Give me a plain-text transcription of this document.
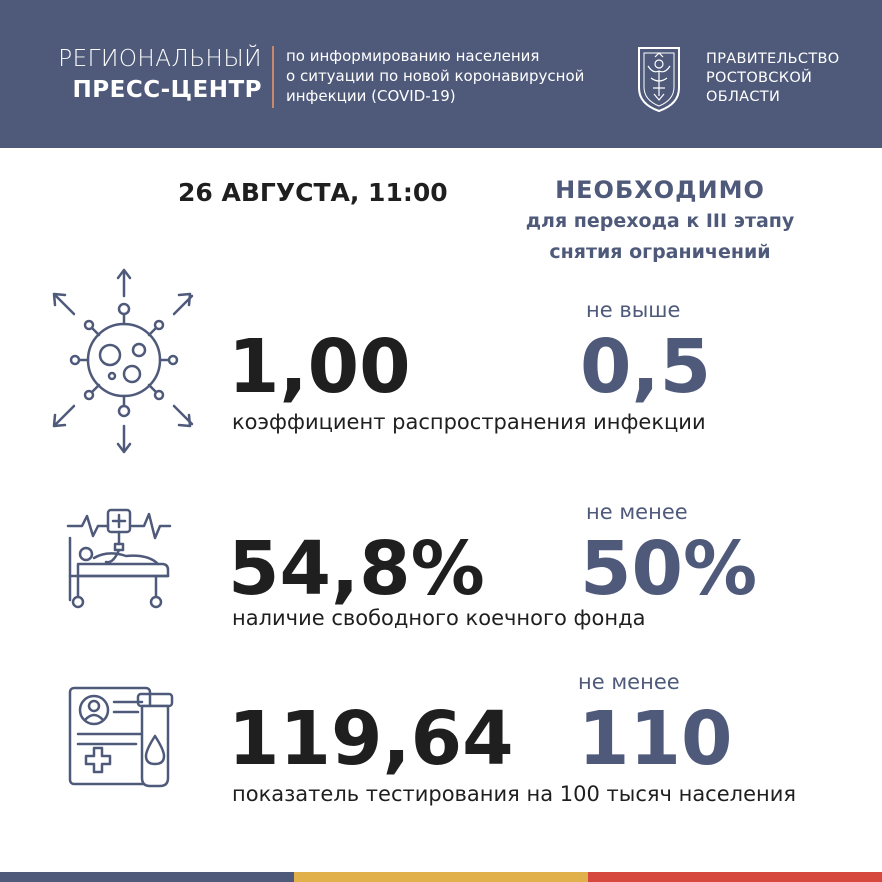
РЕГИОНАЛЬНЫЙ
ПРЕСС-ЦЕНТР
по информированию населения
о ситуации по новой коронавирусной
инфекции (COVID-19)
ПРАВИТЕЛЬСТВО
РОСТОВСКОЙ
ОБЛАСТИ
26 АВГУСТА, 11:00	НЕОБХОДИМО
для перехода к III этапу
снятия ограничений
1,00
не выше
0,5
коэффициент распространения инфекции
54,8%
не менее
50%
наличие свободного коечного фонда
119,64
не менее
110
показатель тестирования на 100 тысяч населения
